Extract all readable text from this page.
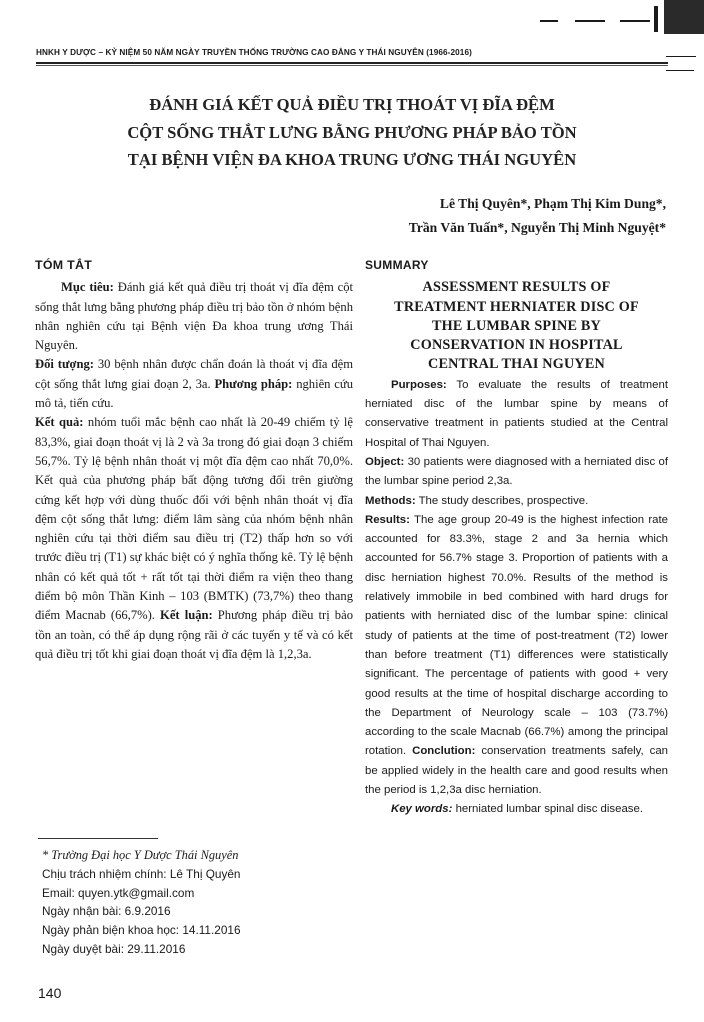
HNKH Y DƯỢC – KỶ NIỆM 50 NĂM NGÀY TRUYỀN THỐNG TRƯỜNG CAO ĐẲNG Y THÁI NGUYÊN (1966-2016)
ĐÁNH GIÁ KẾT QUẢ ĐIỀU TRỊ THOÁT VỊ ĐĨA ĐỆM
CỘT SỐNG THẮT LƯNG BẰNG PHƯƠNG PHÁP BẢO TỒN
TẠI BỆNH VIỆN ĐA KHOA TRUNG ƯƠNG THÁI NGUYÊN
Lê Thị Quyên*, Phạm Thị Kim Dung*,
Trần Văn Tuấn*, Nguyễn Thị Minh Nguyệt*
TÓM TẮT

Mục tiêu: Đánh giá kết quả điều trị thoát vị đĩa đệm cột sống thắt lưng bằng phương pháp điều trị bảo tồn ở nhóm bệnh nhân nghiên cứu tại Bệnh viện Đa khoa trung ương Thái Nguyên.
Đối tượng: 30 bệnh nhân được chẩn đoán là thoát vị đĩa đệm cột sống thắt lưng giai đoạn 2, 3a. Phương pháp: nghiên cứu mô tả, tiến cứu.
Kết quả: nhóm tuổi mắc bệnh cao nhất là 20-49 chiếm tỷ lệ 83,3%, giai đoạn thoát vị là 2 và 3a trong đó giai đoạn 3 chiếm 56,7%. Tỷ lệ bệnh nhân thoát vị một đĩa đệm cao nhất 70,0%. Kết quả của phương pháp bất động tương đối trên giường cứng kết hợp với dùng thuốc đối với bệnh nhân thoát vị đĩa đệm cột sống thắt lưng: điểm lâm sàng của nhóm bệnh nhân nghiên cứu tại thời điểm sau điều trị (T2) thấp hơn so với trước điều trị (T1) sự khác biệt có ý nghĩa thống kê. Tỷ lệ bệnh nhân có kết quả tốt + rất tốt tại thời điểm ra viện theo thang điểm bộ môn Thần Kinh – 103 (BMTK) (73,7%) theo thang điểm Macnab (66,7%). Kết luận: Phương pháp điều trị bảo tồn an toàn, có thể áp dụng rộng rãi ở các tuyến y tế và có kết quả điều trị tốt khi giai đoạn thoát vị đĩa đệm là 1,2,3a.

SUMMARY
ASSESSMENT RESULTS OF
TREATMENT HERNIATER DISC OF
THE LUMBAR SPINE BY
CONSERVATION IN HOSPITAL
CENTRAL THAI NGUYEN

Purposes: To evaluate the results of treatment herniated disc of the lumbar spine by means of conservative treatment in patients studied at the Central Hospital of Thai Nguyen.
Object: 30 patients were diagnosed with a herniated disc of the lumbar spine period 2,3a.
Methods: The study describes, prospective.
Results: The age group 20-49 is the highest infection rate accounted for 83.3%, stage 2 and 3a hernia which accounted for 56.7% stage 3. Proportion of patients with a disc herniation highest 70.0%. Results of the method is relatively immobile in bed combined with hard drugs for patients with herniated disc of the lumbar spine: clinical study of patients at the time of post-treatment (T2) lower than before treatment (T1) differences were statistically significant. The percentage of patients with good + very good results at the time of hospital discharge according to the Department of Neurology scale – 103 (73.7%) according to the scale Macnab (66.7%) among the principal rotation. Conclution: conservation treatments safely, can be applied widely in the health care and good results when the period is 1,2,3a disc herniation.

Key words: herniated lumbar spinal disc disease.

* Trường Đại học Y Dược Thái Nguyên
Chịu trách nhiệm chính: Lê Thị Quyên
Email: quyen.ytk@gmail.com
Ngày nhận bài: 6.9.2016
Ngày phản biện khoa học: 14.11.2016
Ngày duyệt bài: 29.11.2016
140
